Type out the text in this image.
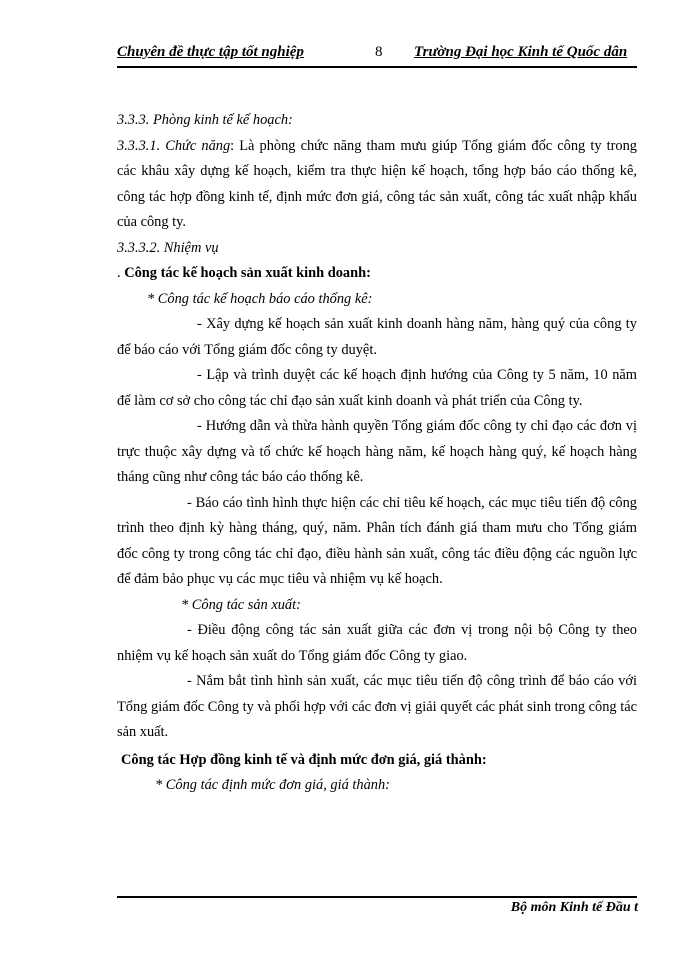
Chuyên đề thực tập tốt nghiệp	8 Trường Đại học Kinh tế Quốc dân

3.3.3. Phòng kinh tế kế hoạch:

3.3.3.1. Chức năng: Là phòng chức năng tham mưu giúp Tổng giám đốc công ty trong các khâu xây dựng kế hoạch, kiểm tra thực hiện kế hoạch, tổng hợp báo cáo thống kê, công tác hợp đồng kinh tế, định mức đơn giá, công tác sản xuất, công tác xuất nhập khẩu của công ty.

3.3.3.2. Nhiệm vụ

. Công tác kế hoạch sản xuất kinh doanh:

* Công tác kế hoạch báo cáo thống kê:

- Xây dựng kế hoạch sản xuất kinh doanh hàng năm, hàng quý của công ty để báo cáo với Tổng giám đốc công ty duyệt.

- Lập và trình duyệt các kế hoạch định hướng của Công ty 5 năm, 10 năm để làm cơ sở cho công tác chỉ đạo sản xuất kinh doanh và phát triển của Công ty.

- Hướng dẫn và thừa hành quyền Tổng giám đốc công ty chỉ đạo các đơn vị trực thuộc xây dựng và tổ chức kế hoạch hàng năm, kế hoạch hàng quý, kế hoạch hàng tháng cũng như công tác báo cáo thống kê.

- Báo cáo tình hình thực hiện các chỉ tiêu kế hoạch, các mục tiêu tiến độ công trình theo định kỳ hàng tháng, quý, năm. Phân tích đánh giá tham mưu cho Tổng giám đốc công ty trong công tác chỉ đạo, điều hành sản xuất, công tác điều động các nguồn lực để đảm bảo phục vụ các mục tiêu và nhiệm vụ kế hoạch.

* Công tác sản xuất:

- Điều động công tác sản xuất giữa các đơn vị trong nội bộ Công ty theo nhiệm vụ kế hoạch sản xuất do Tổng giám đốc Công ty giao.

- Nắm bắt tình hình sản xuất, các mục tiêu tiến độ công trình để báo cáo với Tổng giám đốc Công ty và phối hợp với các đơn vị giải quyết các phát sinh trong công tác sản xuất.

Công tác Hợp đồng kinh tế và định mức đơn giá, giá thành:

* Công tác định mức đơn giá, giá thành:

Bộ môn Kinh tế Đầu t
